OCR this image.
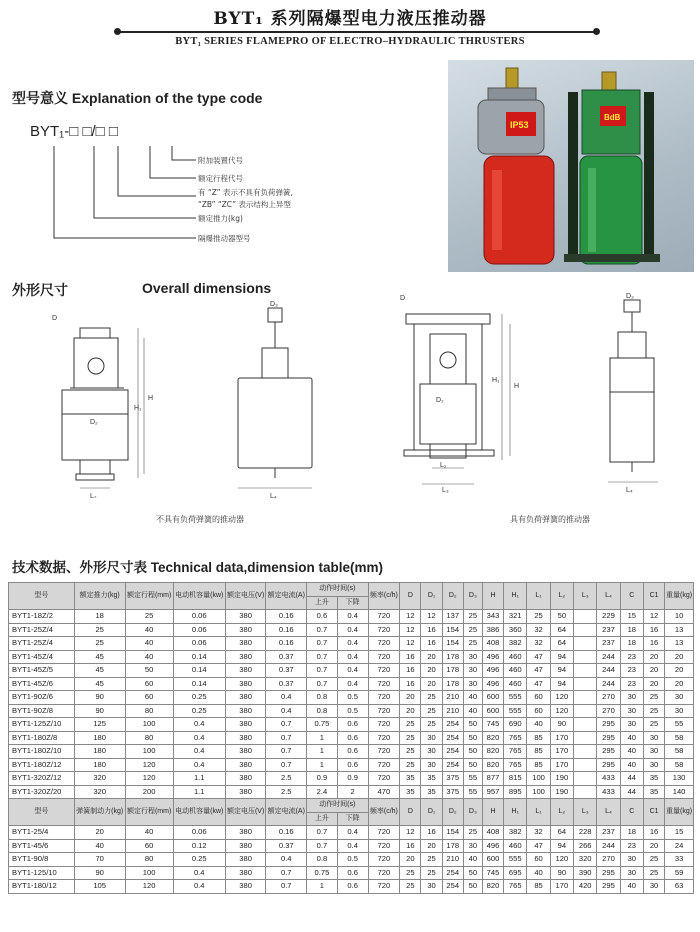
BYT₁ 系列隔爆型电力液压推动器
BYT₁ SERIES FLAMEPRO OF ELECTRO–HYDRAULIC THRUSTERS
型号意义 Explanation of the type code
BYT₁-□ □/□ □
附加装置代号
额定行程代号
有 “Z” 表示不具有负荷弹簧,
“ZB” “ZC” 表示结构上异型
额定推力(kg)
隔爆推动器型号
IP53
BdB
外形尺寸	Overall dimensions
H
H₁
D₂
D
L₂
D₃
L₄
D₂
H₁
H
L₁
L₃
D	D₃
L₄
不具有负荷弹簧的推动器	具有负荷弹簧的推动器
技术数据、外形尺寸表 Technical data,dimension table(mm)
型号	额定推力(kg)	额定行程(mm)	电动机容量(kw)	额定电压(V)	额定电流(A)	动作时间(s)		频率(c/h)	D	D₁	D₂	D₃	H	H₁	L₁	L₂	L₃	L₄	C	C1	重量(kg)
						上升	下降														
BYT1-18Z/2	18	25	0.06	380	0.16	0.6	0.4	720	12	12	137	25	343	321	25	50		229	15	12	10
BYT1-25Z/4	25	40	0.06	380	0.16	0.7	0.4	720	12	16	154	25	386	360	32	64		237	18	16	13
BYT1-25Z/4	25	40	0.06	380	0.16	0.7	0.4	720	12	16	154	25	408	382	32	64		237	18	16	13
BYT1-45Z/4	45	40	0.14	380	0.37	0.7	0.4	720	16	20	178	30	496	460	47	94		244	23	20	20
BYT1-45Z/5	45	50	0.14	380	0.37	0.7	0.4	720	16	20	178	30	496	460	47	94		244	23	20	20
BYT1-45Z/6	45	60	0.14	380	0.37	0.7	0.4	720	16	20	178	30	496	460	47	94		244	23	20	20
BYT1-90Z/6	90	60	0.25	380	0.4	0.8	0.5	720	20	25	210	40	600	555	60	120		270	30	25	30
BYT1-90Z/8	90	80	0.25	380	0.4	0.8	0.5	720	20	25	210	40	600	555	60	120		270	30	25	30
BYT1-125Z/10	125	100	0.4	380	0.7	0.75	0.6	720	25	25	254	50	745	690	40	90		295	30	25	55
BYT1-180Z/8	180	80	0.4	380	0.7	1	0.6	720	25	30	254	50	820	765	85	170		295	40	30	58
BYT1-180Z/10	180	100	0.4	380	0.7	1	0.6	720	25	30	254	50	820	765	85	170		295	40	30	58
BYT1-180Z/12	180	120	0.4	380	0.7	1	0.6	720	25	30	254	50	820	765	85	170		295	40	30	58
BYT1-320Z/12	320	120	1.1	380	2.5	0.9	0.9	720	35	35	375	55	877	815	100	190		433	44	35	130
BYT1-320Z/20	320	200	1.1	380	2.5	2.4	2	470	35	35	375	55	957	895	100	190		433	44	35	140
型号	弹簧制动力(kg)	额定行程(mm)	电动机容量(kw)	额定电压(V)	额定电流(A)	动作时间(s)		频率(c/h)	D	D₁	D₂	D₃	H	H₁	L₁	L₂	L₃	L₄	C	C1	重量(kg)
						上升	下降														
BYT1-25/4	20	40	0.06	380	0.16	0.7	0.4	720	12	16	154	25	408	382	32	64	228	237	18	16	15
BYT1-45/6	40	60	0.12	380	0.37	0.7	0.4	720	16	20	178	30	496	460	47	94	266	244	23	20	24
BYT1-90/8	70	80	0.25	380	0.4	0.8	0.5	720	20	25	210	40	600	555	60	120	320	270	30	25	33
BYT1-125/10	90	100	0.4	380	0.7	0.75	0.6	720	25	25	254	50	745	695	40	90	390	295	30	25	59
BYT1-180/12	105	120	0.4	380	0.7	1	0.6	720	25	30	254	50	820	765	85	170	420	295	40	30	63
